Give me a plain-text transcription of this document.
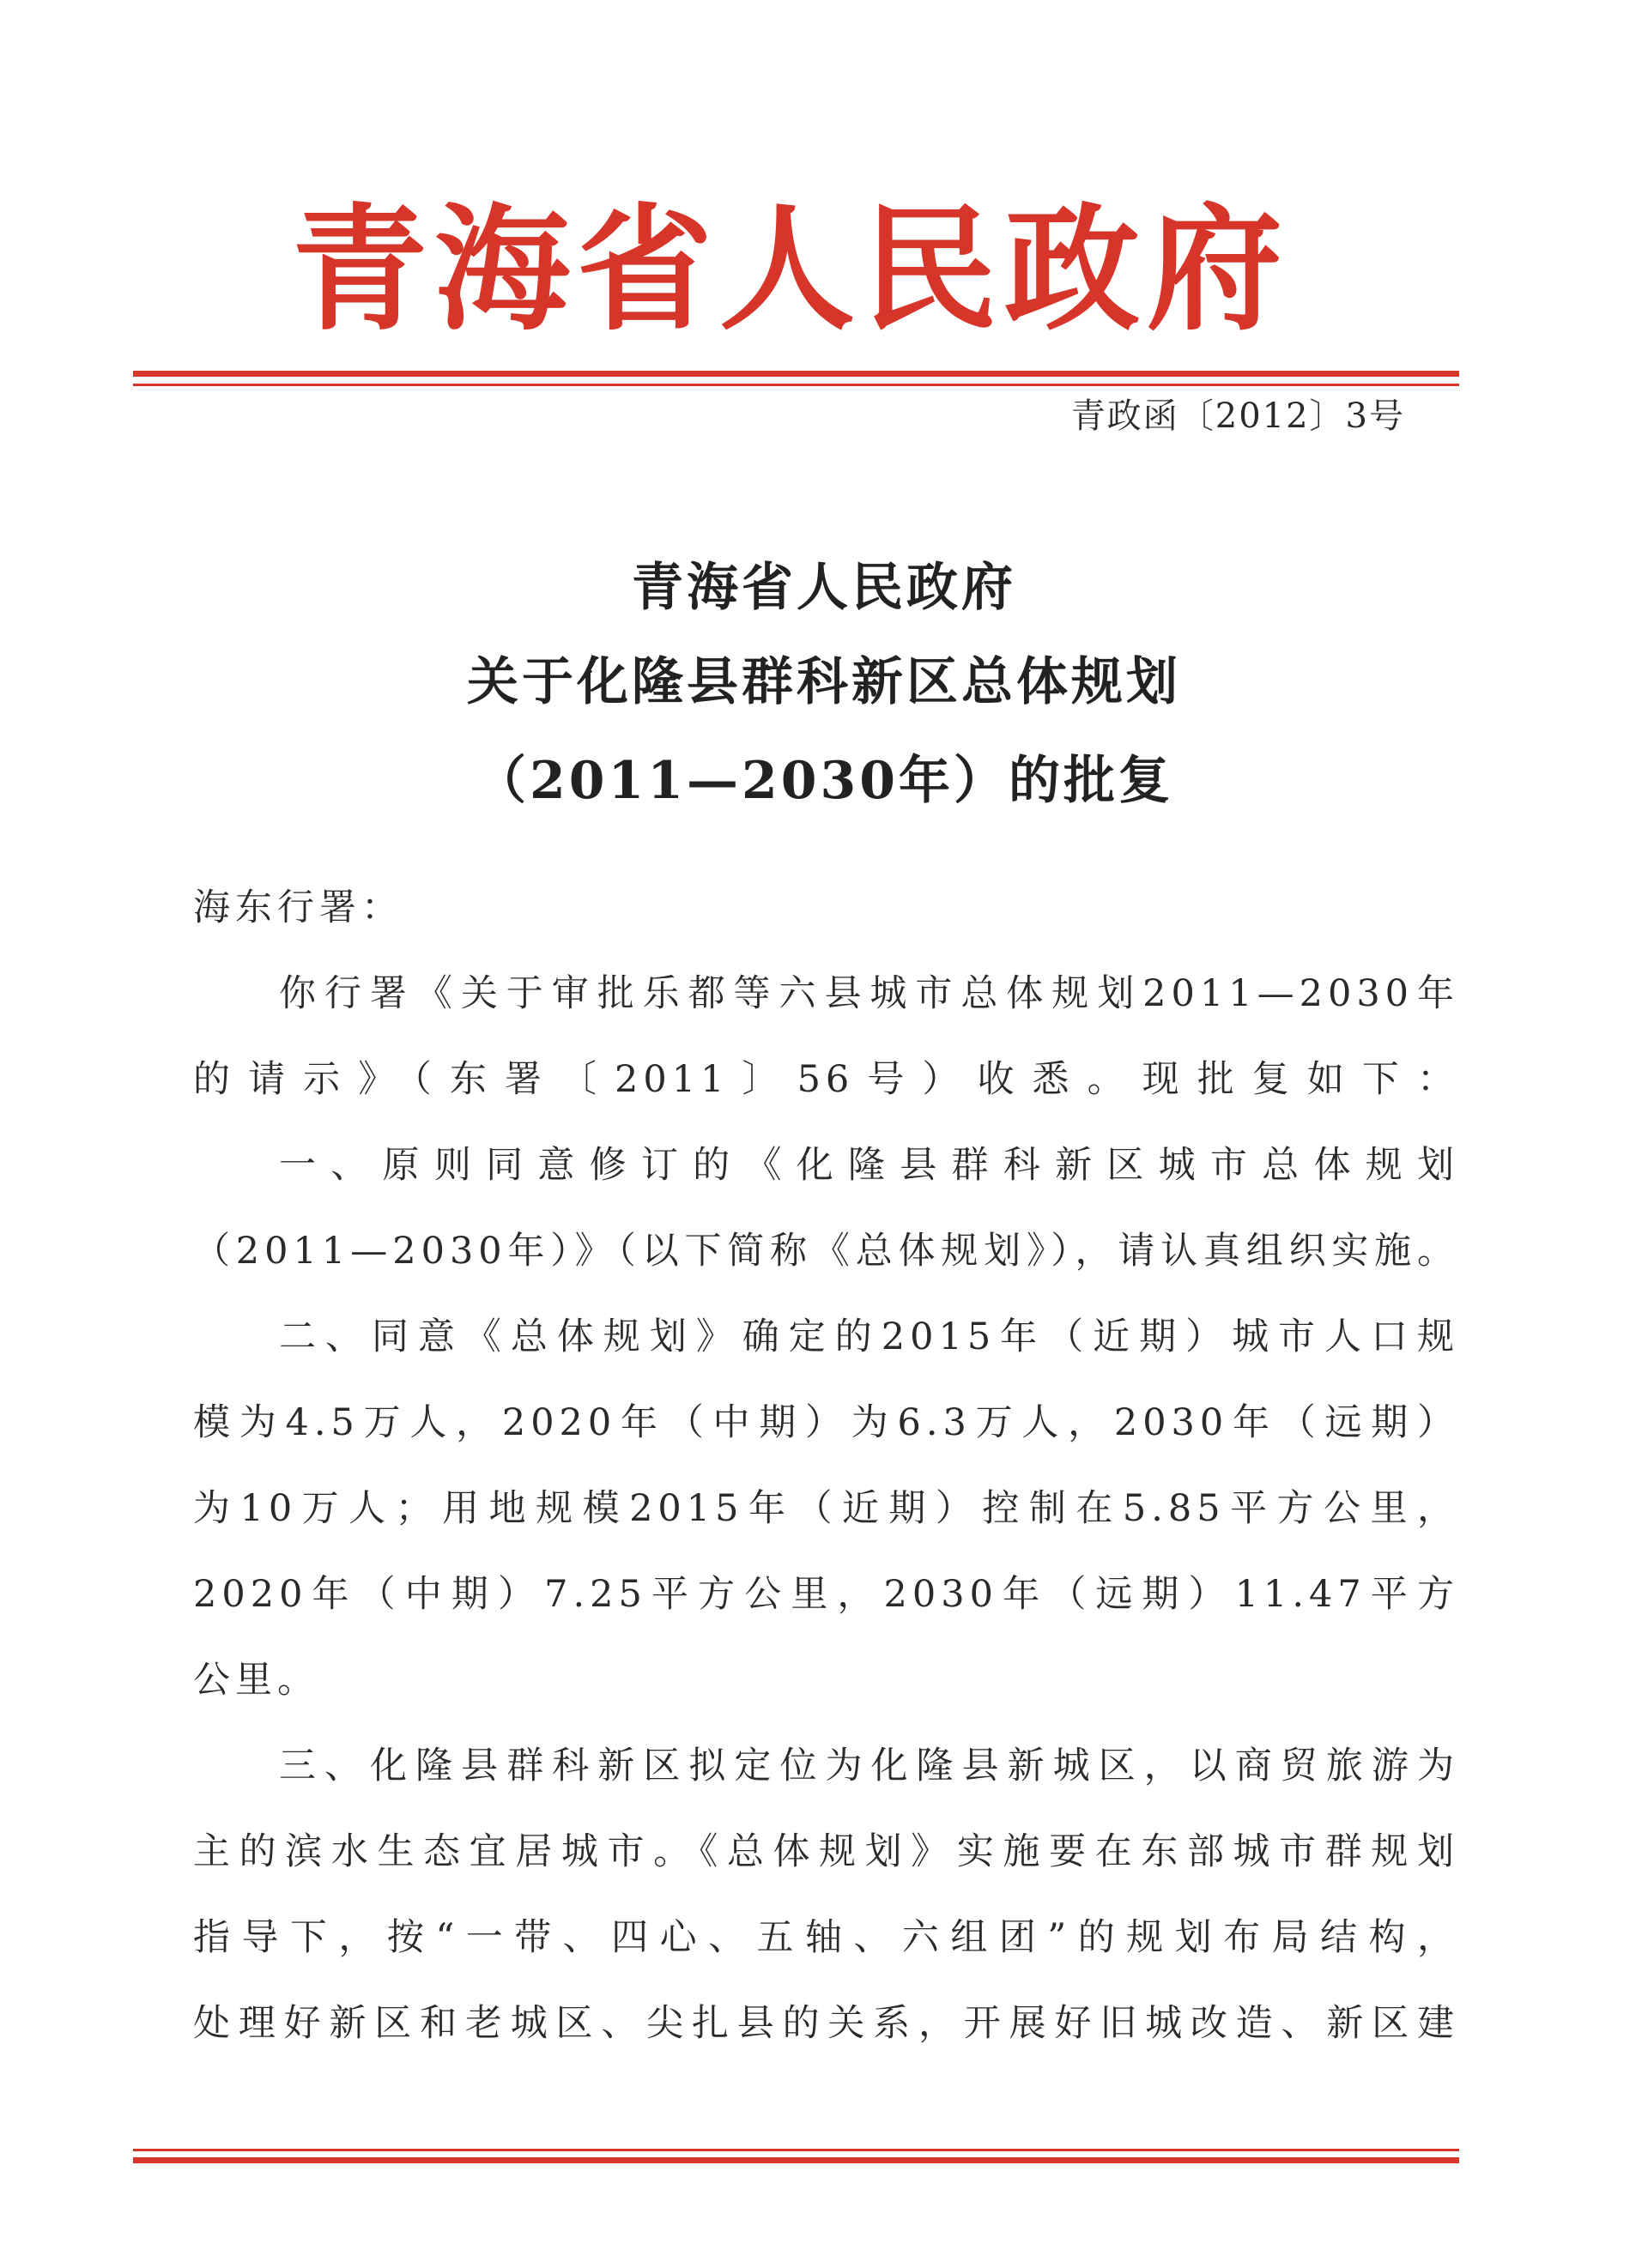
青海省人民政府
青政函〔2012〕3号
青海省人民政府
关于化隆县群科新区总体规划
（2011—2030年）的批复
海东行署：
你行署《关于审批乐都等六县城市总体规划2011—2030年
的请示》（东署〔2011〕56号）收悉。现批复如下：
一、原则同意修订的《化隆县群科新区城市总体规划
（2011—2030年）》（以下简称《总体规划》），请认真组织实施。
二、同意《总体规划》确定的2015年（近期）城市人口规
模为4.5万人，2020年（中期）为6.3万人，2030年（远期）
为10万人；用地规模2015年（近期）控制在5.85平方公里，
2020年（中期）7.25平方公里，2030年（远期）11.47平方
公里。
三、化隆县群科新区拟定位为化隆县新城区，以商贸旅游为
主的滨水生态宜居城市。《总体规划》实施要在东部城市群规划
指导下，按“一带、四心、五轴、六组团”的规划布局结构，
处理好新区和老城区、尖扎县的关系，开展好旧城改造、新区建
